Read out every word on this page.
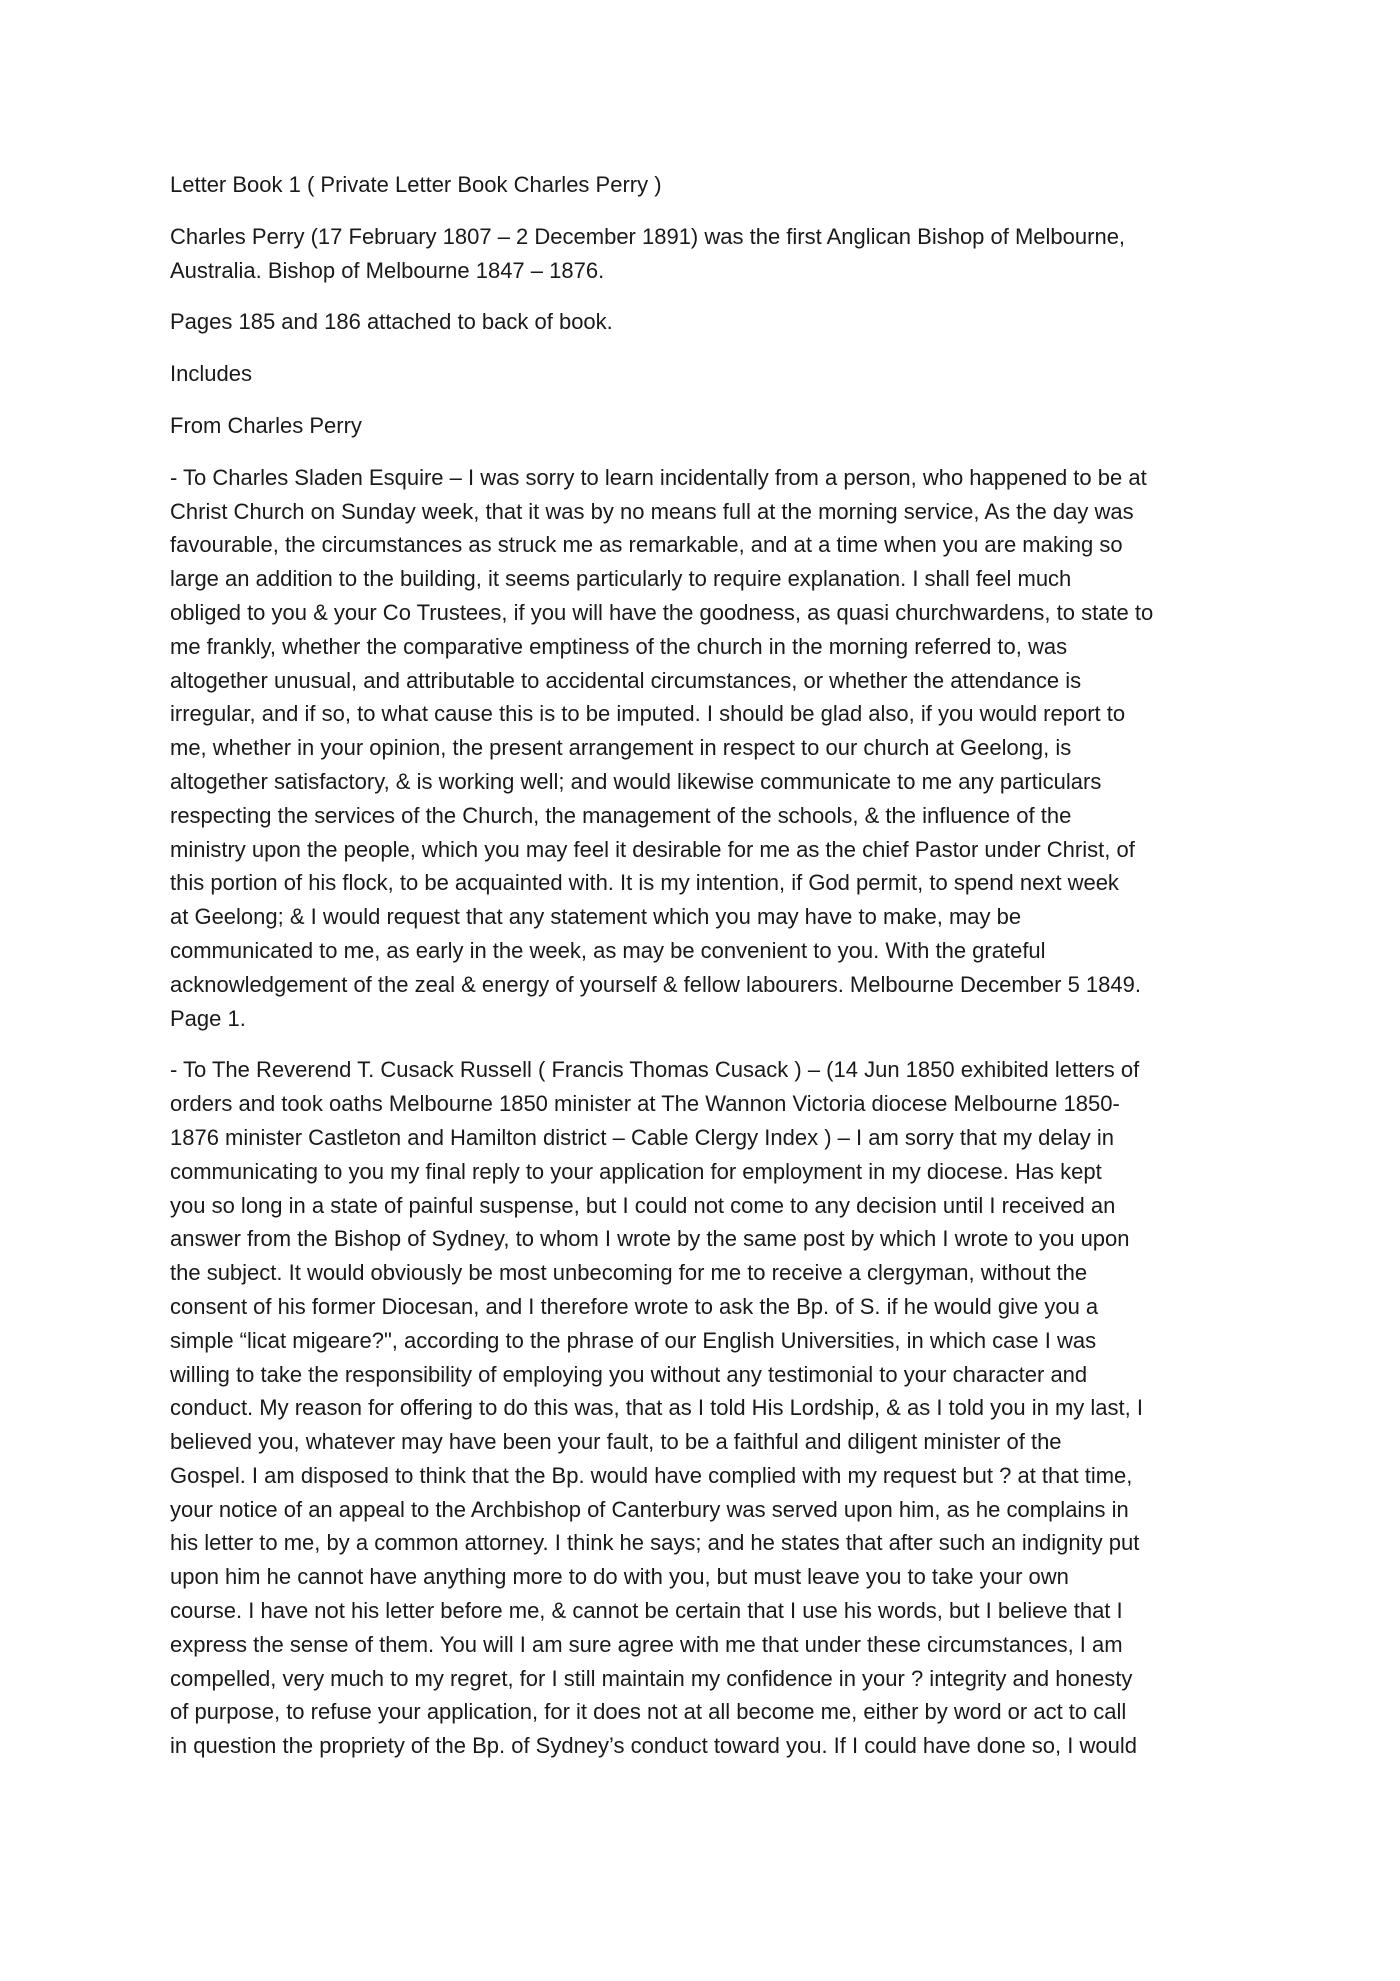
Letter Book 1 ( Private Letter Book Charles Perry )

Charles Perry (17 February 1807 – 2 December 1891) was the first Anglican Bishop of Melbourne,
Australia. Bishop of Melbourne 1847 – 1876.

Pages 185 and 186 attached to back of book.

Includes

From Charles Perry

- To Charles Sladen Esquire – I was sorry to learn incidentally from a person, who happened to be at
Christ Church on Sunday week, that it was by no means full at the morning service, As the day was
favourable, the circumstances as struck me as remarkable, and at a time when you are making so
large an addition to the building, it seems particularly to require explanation. I shall feel much
obliged to you & your Co Trustees, if you will have the goodness, as quasi churchwardens, to state to
me frankly, whether the comparative emptiness of the church in the morning referred to, was
altogether unusual, and attributable to accidental circumstances, or whether the attendance is
irregular, and if so, to what cause this is to be imputed. I should be glad also, if you would report to
me, whether in your opinion, the present arrangement in respect to our church at Geelong, is
altogether satisfactory, & is working well; and would likewise communicate to me any particulars
respecting the services of the Church, the management of the schools, & the influence of the
ministry upon the people, which you may feel it desirable for me as the chief Pastor under Christ, of
this portion of his flock, to be acquainted with. It is my intention, if God permit, to spend next week
at Geelong; & I would request that any statement which you may have to make, may be
communicated to me, as early in the week, as may be convenient to you. With the grateful
acknowledgement of the zeal & energy of yourself & fellow labourers. Melbourne December 5 1849.
Page 1.

- To The Reverend T. Cusack Russell ( Francis Thomas Cusack ) – (14 Jun 1850 exhibited letters of
orders and took oaths Melbourne 1850 minister at The Wannon Victoria diocese Melbourne 1850-
1876 minister Castleton and Hamilton district – Cable Clergy Index ) – I am sorry that my delay in
communicating to you my final reply to your application for employment in my diocese. Has kept
you so long in a state of painful suspense, but I could not come to any decision until I received an
answer from the Bishop of Sydney, to whom I wrote by the same post by which I wrote to you upon
the subject. It would obviously be most unbecoming for me to receive a clergyman, without the
consent of his former Diocesan, and I therefore wrote to ask the Bp. of S. if he would give you a
simple “licat migeare?", according to the phrase of our English Universities, in which case I was
willing to take the responsibility of employing you without any testimonial to your character and
conduct. My reason for offering to do this was, that as I told His Lordship, & as I told you in my last, I
believed you, whatever may have been your fault, to be a faithful and diligent minister of the
Gospel. I am disposed to think that the Bp. would have complied with my request but ? at that time,
your notice of an appeal to the Archbishop of Canterbury was served upon him, as he complains in
his letter to me, by a common attorney. I think he says; and he states that after such an indignity put
upon him he cannot have anything more to do with you, but must leave you to take your own
course. I have not his letter before me, & cannot be certain that I use his words, but I believe that I
express the sense of them. You will I am sure agree with me that under these circumstances, I am
compelled, very much to my regret, for I still maintain my confidence in your ? integrity and honesty
of purpose, to refuse your application, for it does not at all become me, either by word or act to call
in question the propriety of the Bp. of Sydney’s conduct toward you. If I could have done so, I would
